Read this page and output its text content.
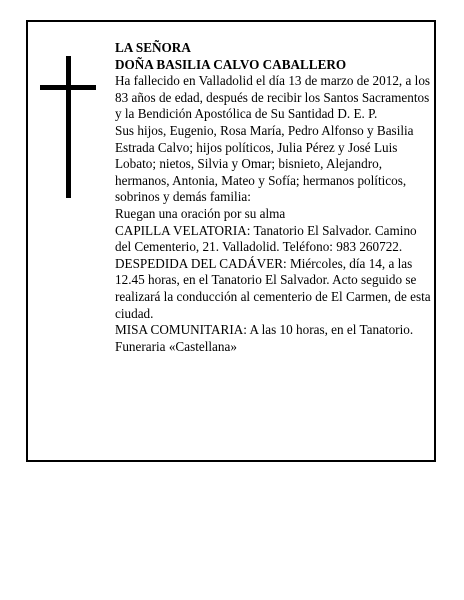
LA SEÑORA

DOÑA BASILIA CALVO CABALLERO

Ha fallecido en Valladolid el día 13 de marzo de 2012, a los 83 años de edad, después de recibir los Santos Sacramentos y la Bendición Apostólica de Su Santidad D. E. P.

Sus hijos, Eugenio, Rosa María, Pedro Alfonso y Basilia Estrada Calvo; hijos políticos, Julia Pérez y José Luis Lobato; nietos, Silvia y Omar; bisnieto, Alejandro, hermanos, Antonia, Mateo y Sofía; hermanos políticos, sobrinos y demás familia:

Ruegan una oración por su alma

CAPILLA VELATORIA: Tanatorio El Salvador. Camino del Cementerio, 21. Valladolid. Teléfono: 983 260722.

DESPEDIDA DEL CADÁVER: Miércoles, día 14, a las 12.45 horas, en el Tanatorio El Salvador. Acto seguido se realizará la conducción al cementerio de El Carmen, de esta ciudad.

MISA COMUNITARIA: A las 10 horas, en el Tanatorio.

Funeraria «Castellana»
